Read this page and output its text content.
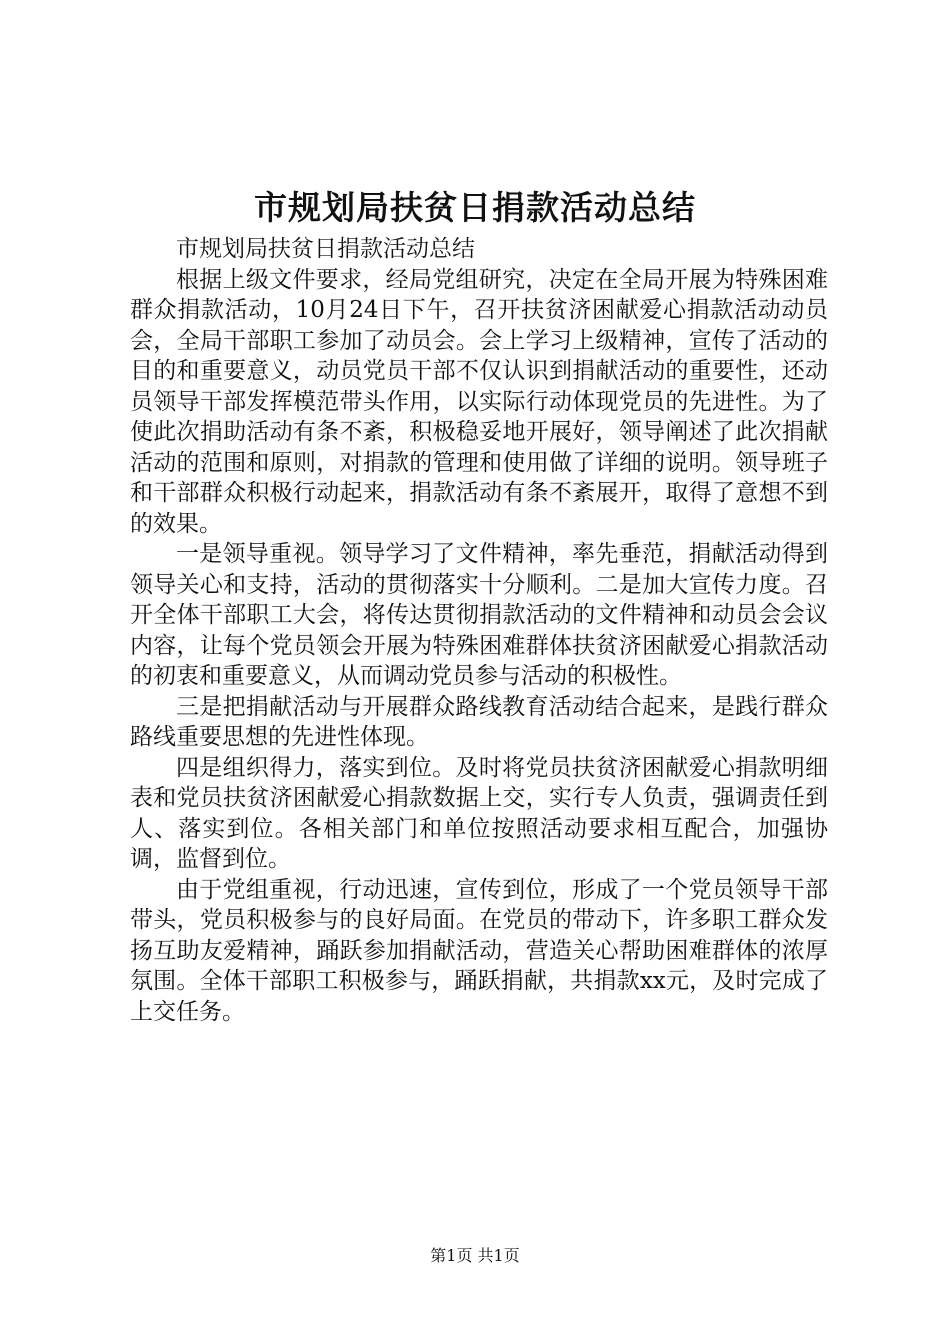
市规划局扶贫日捐款活动总结

市规划局扶贫日捐款活动总结

根据上级文件要求，经局党组研究，决定在全局开展为特殊困难群众捐款活动，10月24日下午，召开扶贫济困献爱心捐款活动动员会，全局干部职工参加了动员会。会上学习上级精神，宣传了活动的目的和重要意义，动员党员干部不仅认识到捐献活动的重要性，还动员领导干部发挥模范带头作用，以实际行动体现党员的先进性。为了使此次捐助活动有条不紊，积极稳妥地开展好，领导阐述了此次捐献活动的范围和原则，对捐款的管理和使用做了详细的说明。领导班子和干部群众积极行动起来，捐款活动有条不紊展开，取得了意想不到的效果。

一是领导重视。领导学习了文件精神，率先垂范，捐献活动得到领导关心和支持，活动的贯彻落实十分顺利。二是加大宣传力度。召开全体干部职工大会，将传达贯彻捐款活动的文件精神和动员会会议内容，让每个党员领会开展为特殊困难群体扶贫济困献爱心捐款活动的初衷和重要意义，从而调动党员参与活动的积极性。

三是把捐献活动与开展群众路线教育活动结合起来，是践行群众路线重要思想的先进性体现。

四是组织得力，落实到位。及时将党员扶贫济困献爱心捐款明细表和党员扶贫济困献爱心捐款数据上交，实行专人负责，强调责任到人、落实到位。各相关部门和单位按照活动要求相互配合，加强协调，监督到位。

由于党组重视，行动迅速，宣传到位，形成了一个党员领导干部带头，党员积极参与的良好局面。在党员的带动下，许多职工群众发扬互助友爱精神，踊跃参加捐献活动，营造关心帮助困难群体的浓厚氛围。全体干部职工积极参与，踊跃捐献，共捐款xx元，及时完成了上交任务。

第1页 共1页
